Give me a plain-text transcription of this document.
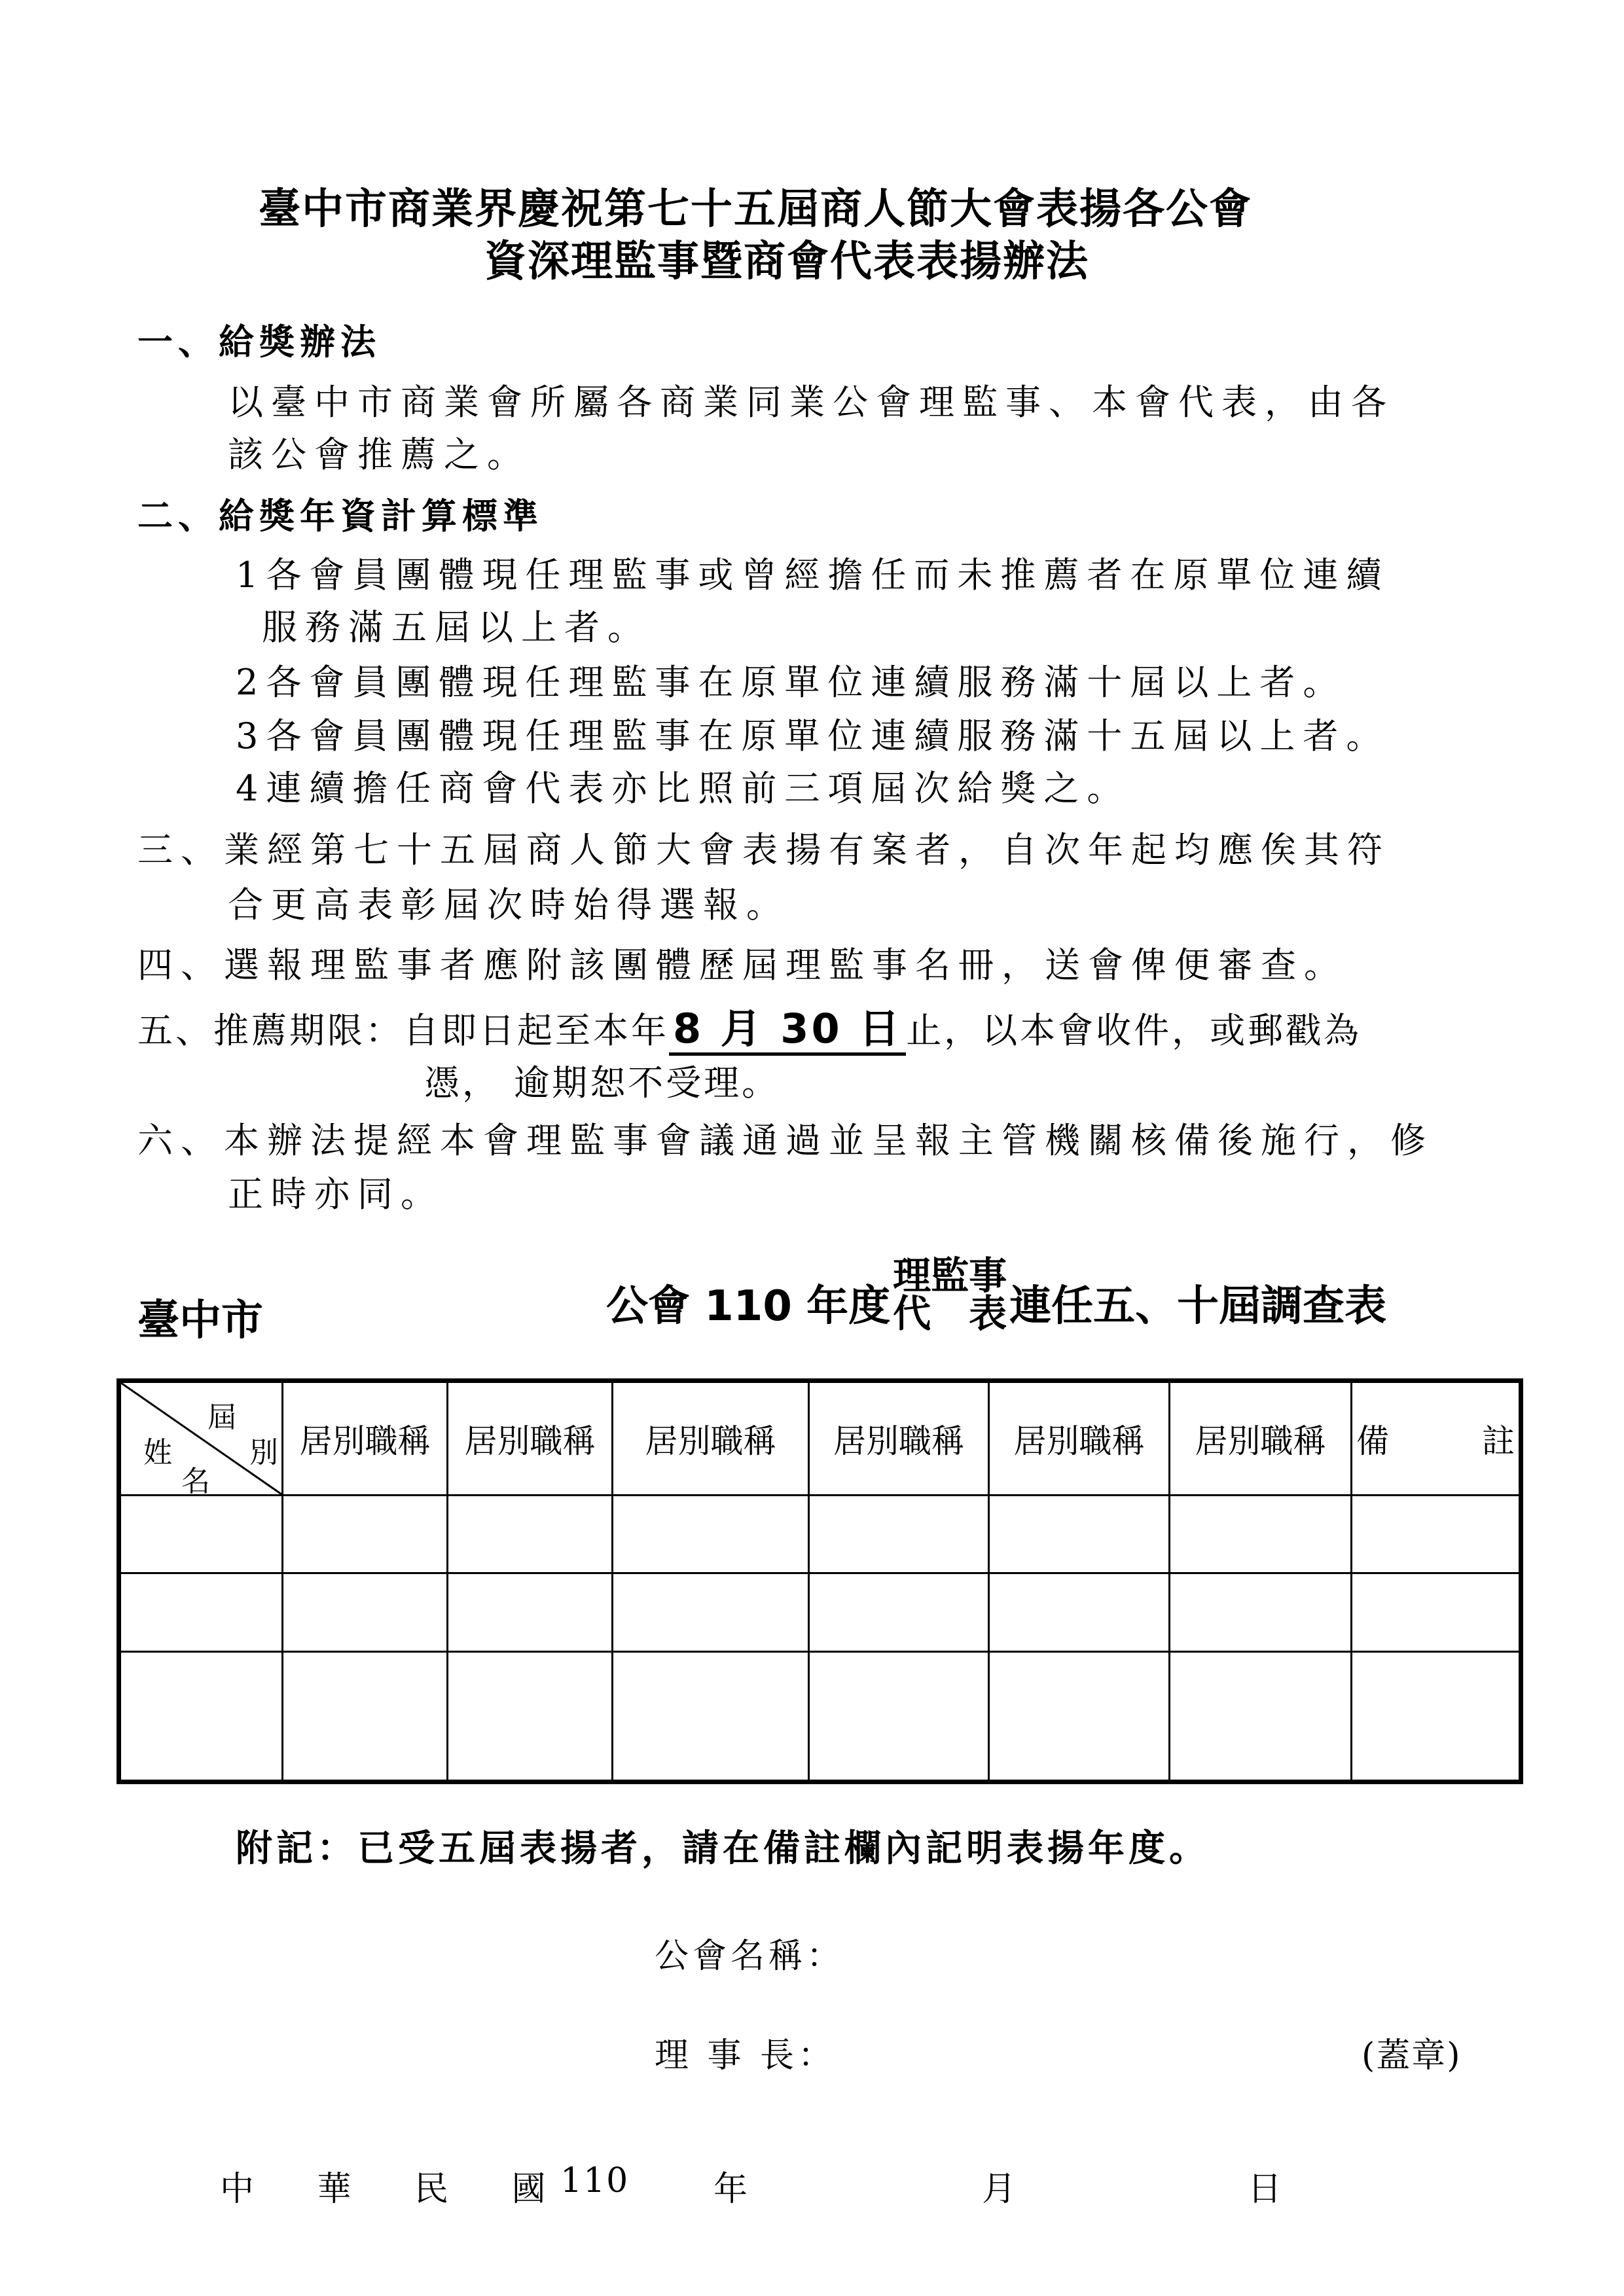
臺中市商業界慶祝第七十五屆商人節大會表揚各公會
資深理監事暨商會代表表揚辦法
一、給獎辦法
以臺中市商業會所屬各商業同業公會理監事、本會代表，由各
該公會推薦之。
二、給獎年資計算標準
1各會員團體現任理監事或曾經擔任而未推薦者在原單位連續
服務滿五屆以上者。
2各會員團體現任理監事在原單位連續服務滿十屆以上者。
3各會員團體現任理監事在原單位連續服務滿十五屆以上者。
4連續擔任商會代表亦比照前三項屆次給獎之。
三、業經第七十五屆商人節大會表揚有案者，自次年起均應俟其符
合更高表彰屆次時始得選報。
四、選報理監事者應附該團體歷屆理監事名冊，送會俾便審查。
五、推薦期限：自即日起至本年8 月 30 日 止，以本會收件，或郵戳為
憑， 逾期恕不受理。
六、本辦法提經本會理監事會議通過並呈報主管機關核備後施行，修
正時亦同。
臺中市	公會 110 年度
理監事
代 表 連任五、十屆調查表
屆
姓 別
名	居別職稱	居別職稱	居別職稱	居別職稱	居別職稱	居別職稱	備 註

附記：已受五屆表揚者，請在備註欄內記明表揚年度。
公會名稱：
理 事 長：	(蓋章)
中 華 民 國
110 年	月	日
